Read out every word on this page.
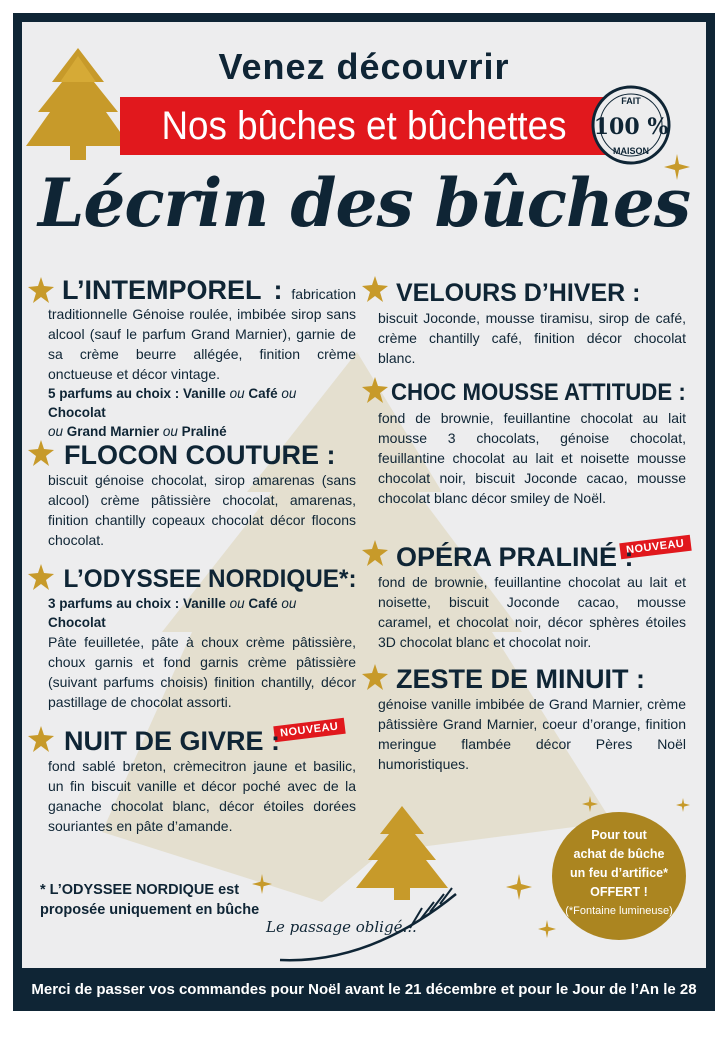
Venez découvrir
Nos bûches et bûchettes
FAIT
100 %
MAISON
Lécrin des bûches

L’INTEMPOREL : fabrication traditionnelle Génoise roulée, imbibée sirop sans alcool (sauf le parfum Grand Marnier), garnie de sa crème beurre allégée, finition crème onctueuse et décor vintage.

5 parfums au choix : Vanille ou Café ou Chocolat
ou Grand Marnier ou Praliné
FLOCON COUTURE :

biscuit génoise chocolat, sirop amarenas (sans alcool) crème pâtissière chocolat, amarenas, finition chantilly copeaux chocolat décor flocons chocolat.

L’ODYSSEE NORDIQUE*:
3 parfums au choix : Vanille ou Café ou Chocolat

Pâte feuilletée, pâte à choux crème pâtissière, choux garnis et fond garnis crème pâtissière (suivant parfums choisis) finition chantilly, décor pastillage de chocolat assorti.

NOUVEAU
NUIT DE GIVRE :

fond sablé breton, crèmecitron jaune et basilic, un fin biscuit vanille et décor poché avec de la ganache chocolat blanc, décor étoiles dorées souriantes en pâte d’amande.

VELOURS D’HIVER :

biscuit Joconde, mousse tiramisu, sirop de café, crème chantilly café, finition décor chocolat blanc.

CHOC MOUSSE ATTITUDE :

fond de brownie, feuillantine chocolat au lait mousse 3 chocolats, génoise chocolat, feuillantine chocolat au lait et noisette mousse chocolat noir, biscuit Joconde cacao, mousse chocolat blanc décor smiley de Noël.

NOUVEAU
OPÉRA PRALINÉ :

fond de brownie, feuillantine chocolat au lait et noisette, biscuit Joconde cacao, mousse caramel, et chocolat noir, décor sphères étoiles 3D chocolat blanc et chocolat noir.

ZESTE DE MINUIT :

génoise vanille imbibée de Grand Marnier, crème pâtissière Grand Marnier, coeur d’orange, finition meringue flambée décor Pères Noël humoristiques.

* L’ODYSSEE NORDIQUE est proposée uniquement en bûche
Le passage obligé...
Pour tout
achat de bûche
un feu d’artifice*
OFFERT !
(*Fontaine lumineuse)
Merci de passer vos commandes pour Noël avant le 21 décembre et pour le Jour de l’An le 28 décembre !
